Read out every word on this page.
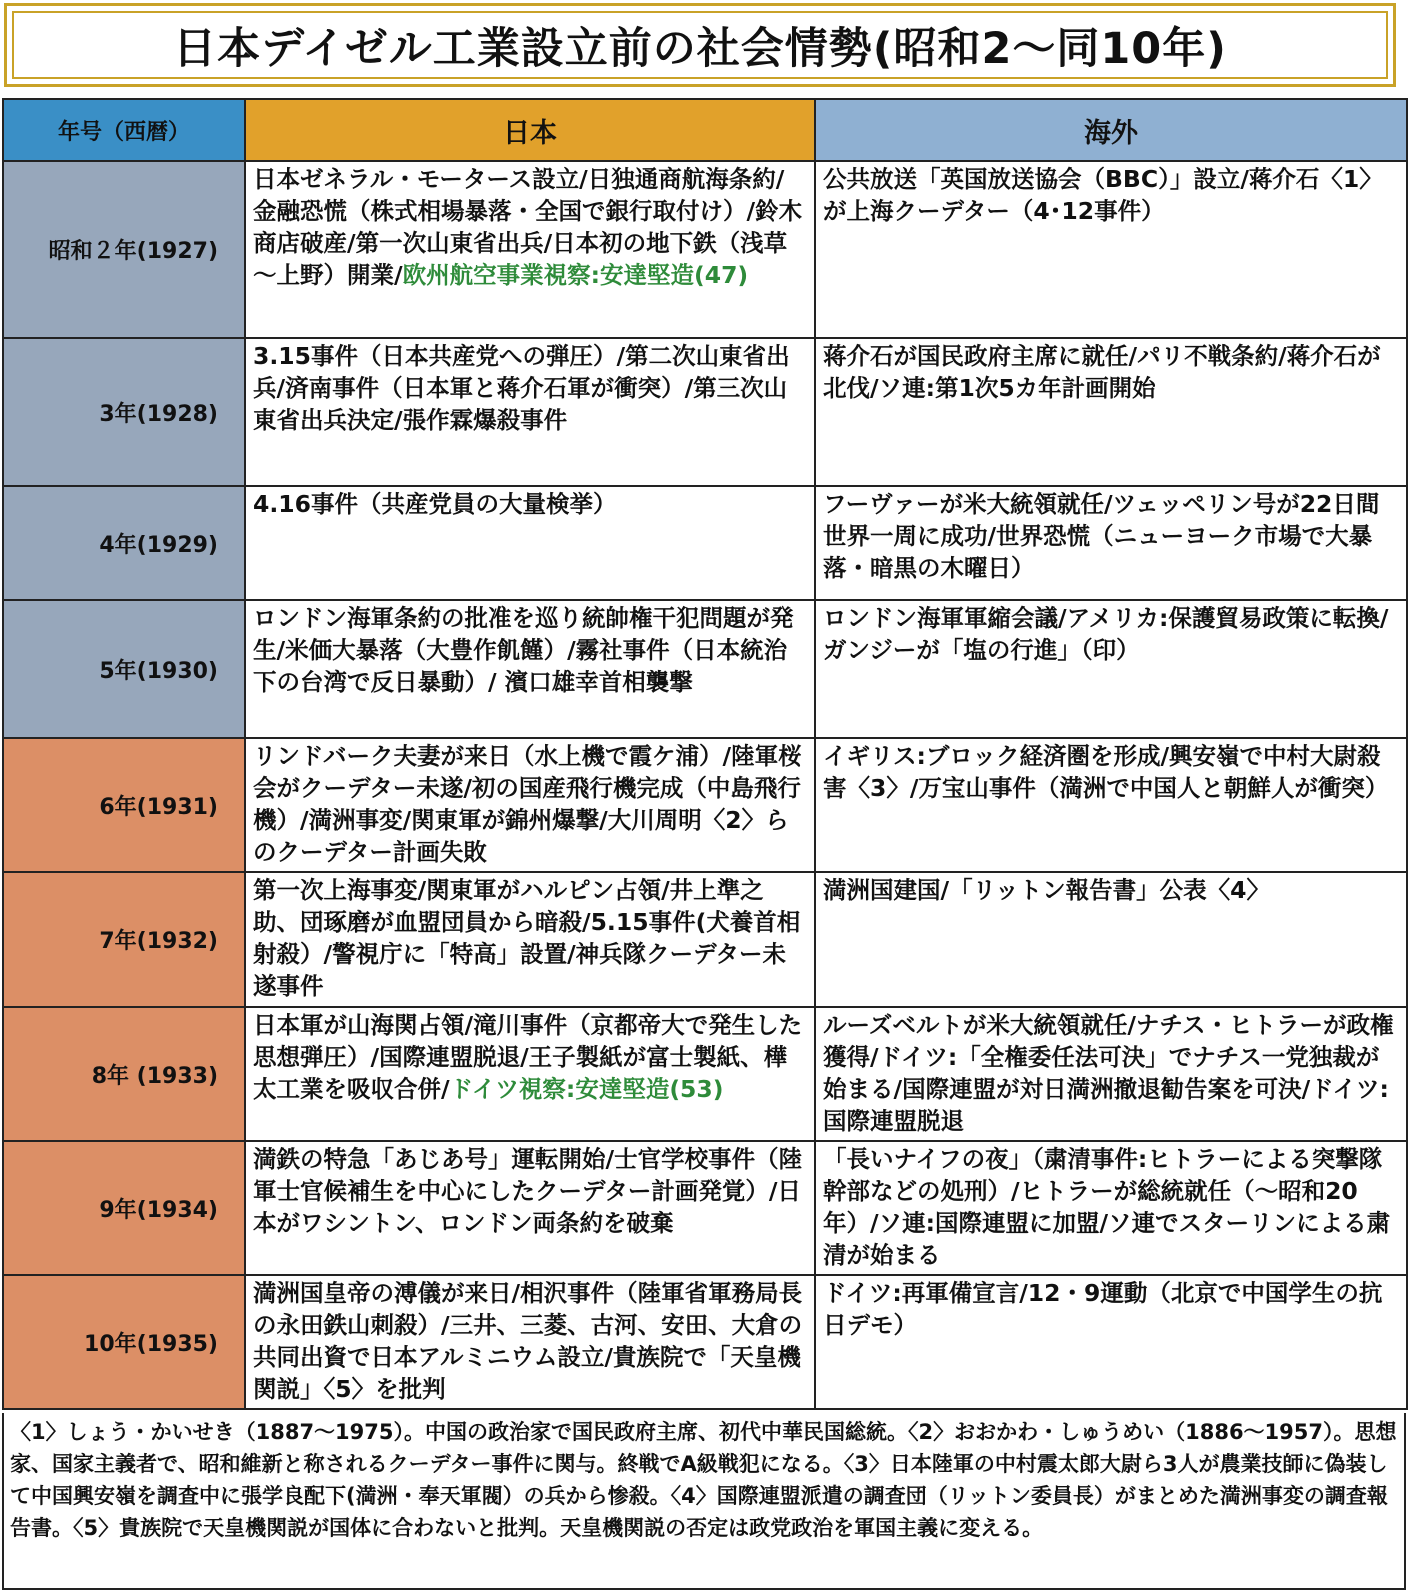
日本デイゼル工業設立前の社会情勢(昭和2～同10年)
年号（西暦）	日本	海外
昭和２年(1927)	日本ゼネラル・モータース設立/日独通商航海条約/ 金融恐慌（株式相場暴落・全国で銀行取付け）/鈴木商店破産/第一次山東省出兵/日本初の地下鉄（浅草～上野）開業/欧州航空事業視察:安達堅造(47)	公共放送「英国放送協会（BBC）」設立/蒋介石〈1〉が上海クーデター（4･12事件）
3年(1928)	3.15事件（日本共産党への弾圧）/第二次山東省出兵/済南事件（日本軍と蒋介石軍が衝突）/第三次山東省出兵決定/張作霖爆殺事件	蒋介石が国民政府主席に就任/パリ不戦条約/蒋介石が北伐/ソ連:第1次5カ年計画開始
4年(1929)	4.16事件（共産党員の大量検挙）	フーヴァーが米大統領就任/ツェッペリン号が22日間世界一周に成功/世界恐慌（ニューヨーク市場で大暴落・暗黒の木曜日）
5年(1930)	ロンドン海軍条約の批准を巡り統帥権干犯問題が発生/米価大暴落（大豊作飢饉）/霧社事件（日本統治下の台湾で反日暴動）/ 濱口雄幸首相襲撃	ロンドン海軍軍縮会議/アメリカ:保護貿易政策に転換/ガンジーが「塩の行進」（印）
6年(1931)	リンドバーク夫妻が来日（水上機で霞ケ浦）/陸軍桜会がクーデター未遂/初の国産飛行機完成（中島飛行機）/満洲事変/関東軍が錦州爆撃/大川周明〈2〉らのクーデター計画失敗	イギリス:ブロック経済圏を形成/興安嶺で中村大尉殺害〈3〉/万宝山事件（満洲で中国人と朝鮮人が衝突）
7年(1932)	第一次上海事変/関東軍がハルピン占領/井上準之助、団琢磨が血盟団員から暗殺/5.15事件(犬養首相射殺）/警視庁に「特高」設置/神兵隊クーデター未遂事件	満洲国建国/「リットン報告書」公表〈4〉
8年 (1933)	日本軍が山海関占領/滝川事件（京都帝大で発生した思想弾圧）/国際連盟脱退/王子製紙が富士製紙、樺太工業を吸収合併/ドイツ視察:安達堅造(53)	ルーズベルトが米大統領就任/ナチス・ヒトラーが政権獲得/ドイツ:「全権委任法可決」でナチス一党独裁が始まる/国際連盟が対日満洲撤退勧告案を可決/ドイツ:国際連盟脱退
9年(1934)	満鉄の特急「あじあ号」運転開始/士官学校事件（陸軍士官候補生を中心にしたクーデター計画発覚）/日本がワシントン、ロンドン両条約を破棄	「長いナイフの夜」（粛清事件:ヒトラーによる突撃隊幹部などの処刑）/ヒトラーが総統就任（～昭和20年）/ソ連:国際連盟に加盟/ソ連でスターリンによる粛清が始まる
10年(1935)	満洲国皇帝の溥儀が来日/相沢事件（陸軍省軍務局長の永田鉄山刺殺）/三井、三菱、古河、安田、大倉の共同出資で日本アルミニウム設立/貴族院で「天皇機関説」〈5〉を批判	ドイツ:再軍備宣言/12・9運動（北京で中国学生の抗日デモ）
〈1〉しょう・かいせき（1887～1975）。中国の政治家で国民政府主席、初代中華民国総統。〈2〉おおかわ・しゅうめい（1886～1957）。思想家、国家主義者で、昭和維新と称されるクーデター事件に関与。終戦でA級戦犯になる。〈3〉日本陸軍の中村震太郎大尉ら3人が農業技師に偽装して中国興安嶺を調査中に張学良配下(満洲・奉天軍閥）の兵から惨殺。〈4〉国際連盟派遣の調査団（リットン委員長）がまとめた満洲事変の調査報告書。〈5〉貴族院で天皇機関説が国体に合わないと批判。天皇機関説の否定は政党政治を軍国主義に変える。
